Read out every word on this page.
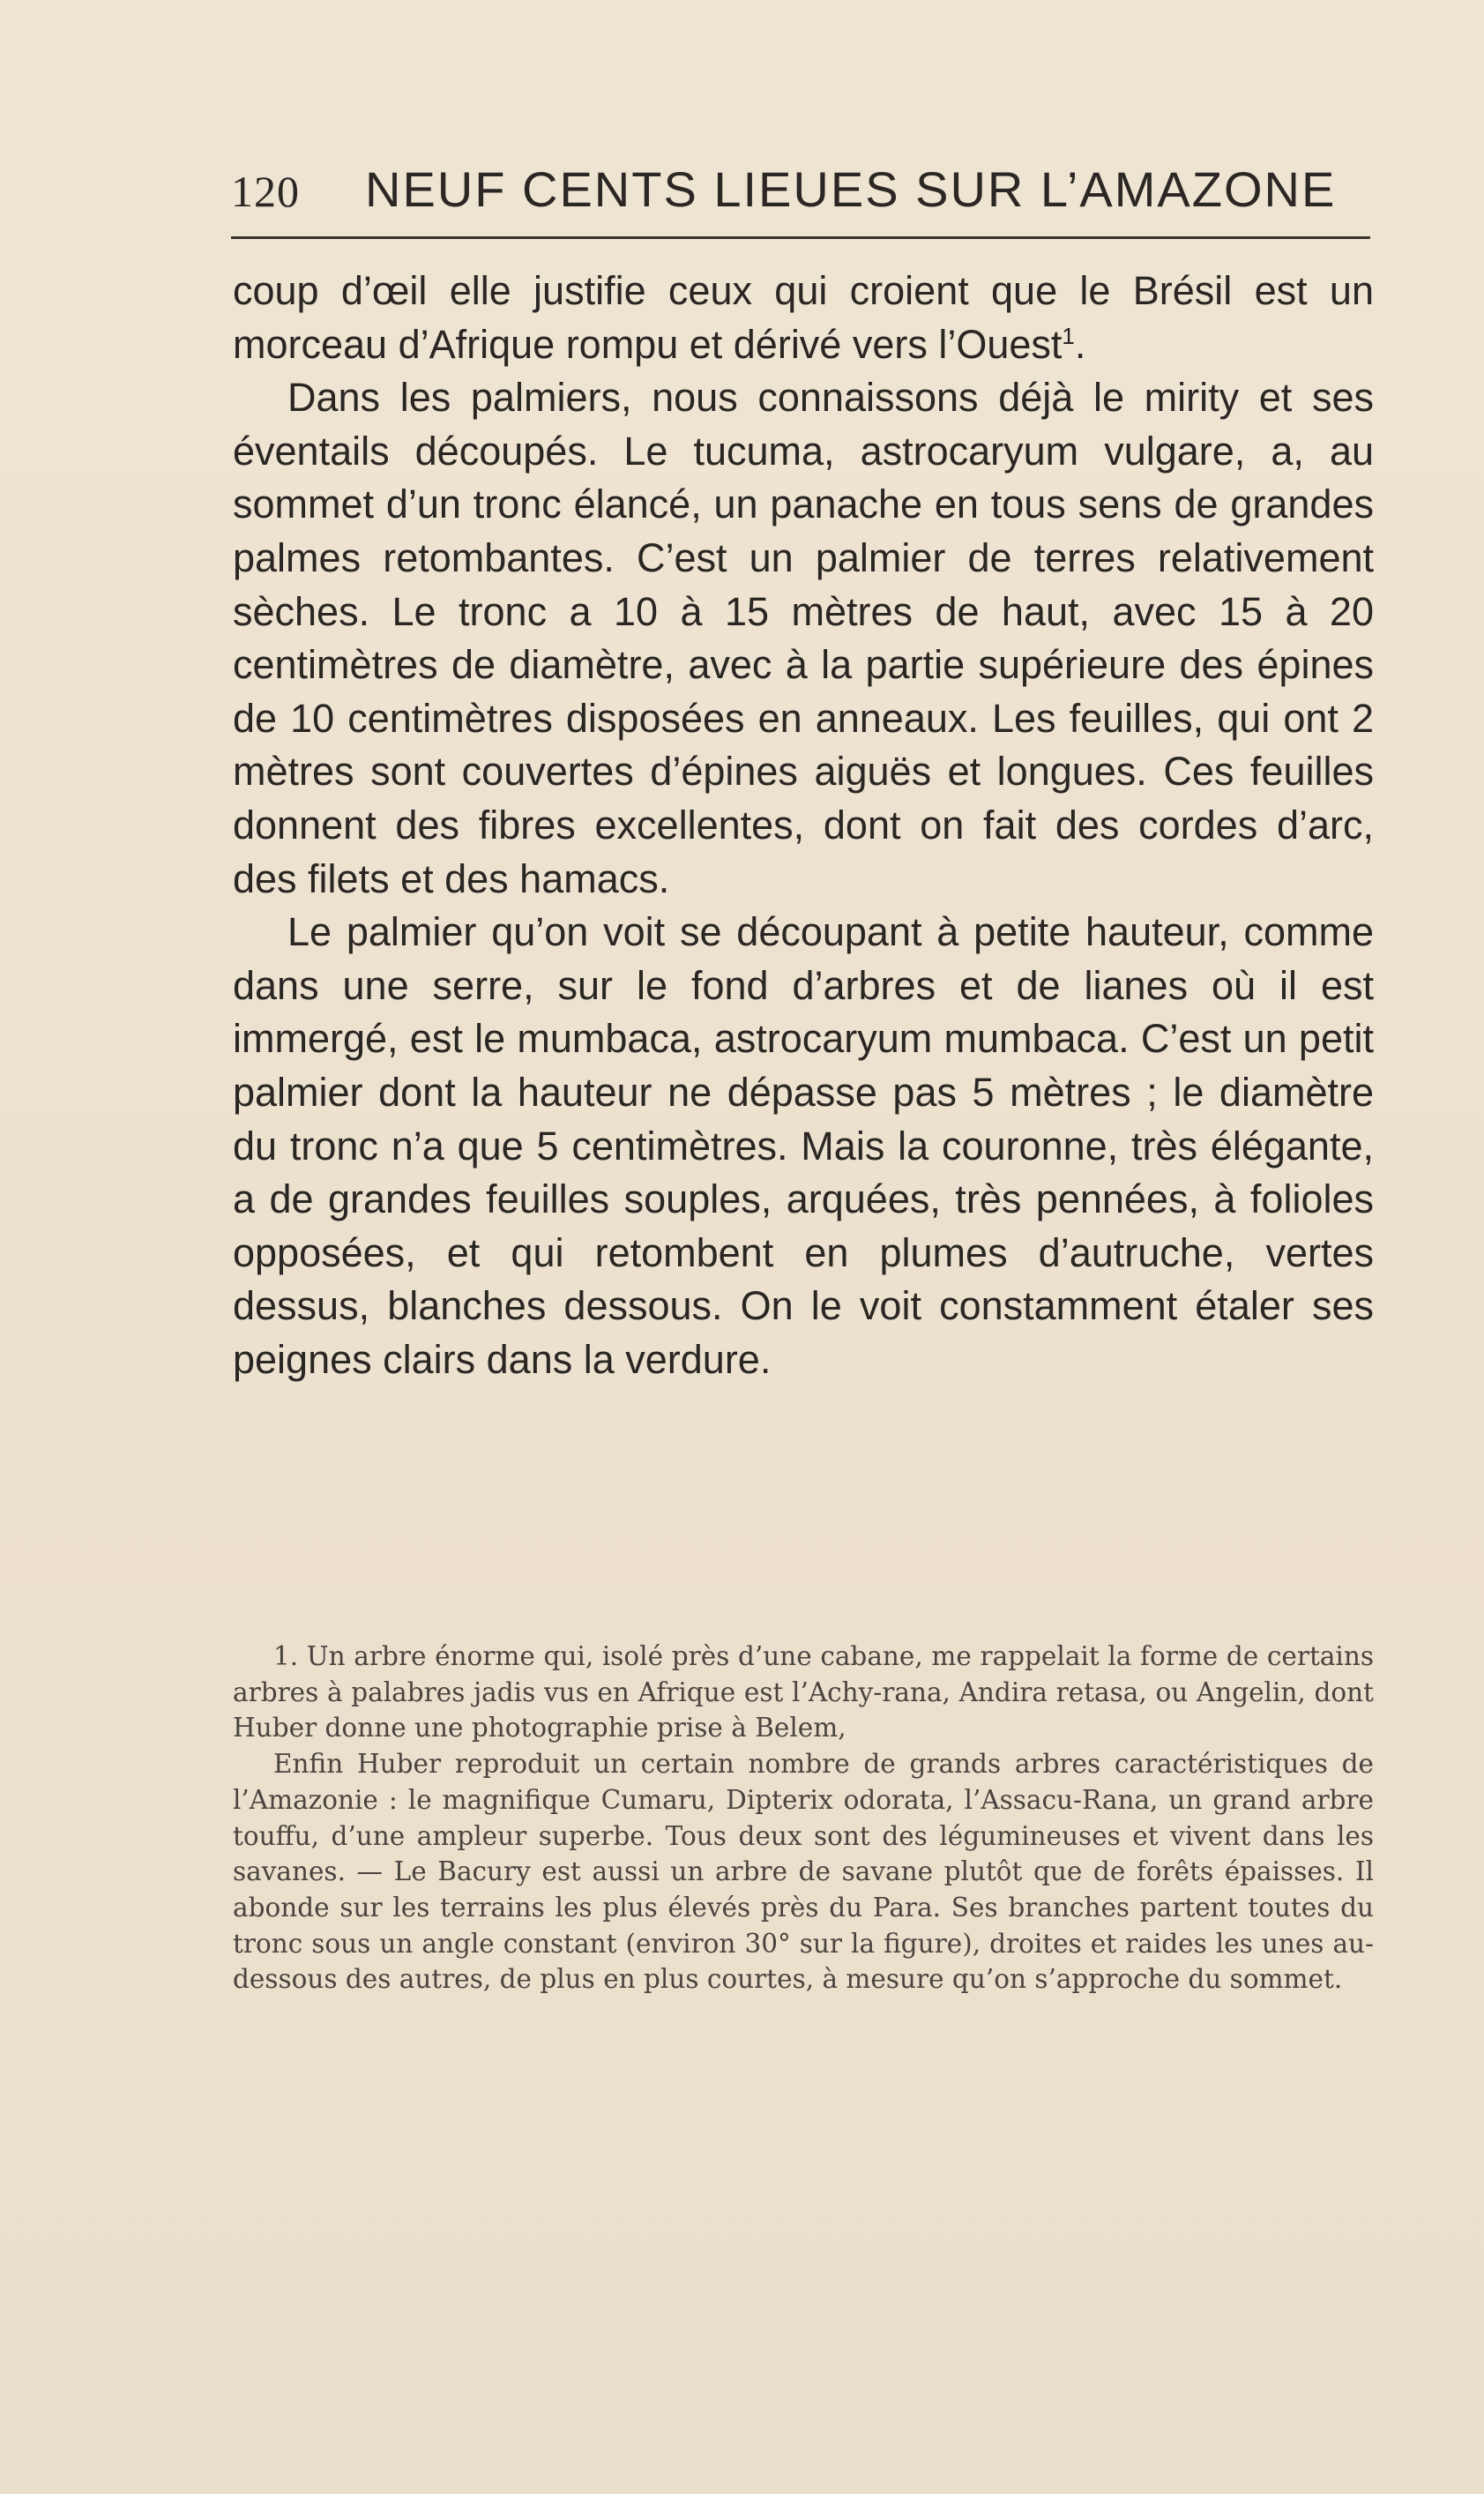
120 NEUF CENTS LIEUES SUR L’AMAZONE

coup d’œil elle justifie ceux qui croient que le Brésil est un morceau d’Afrique rompu et dérivé vers l’Ouest$^1$.

Dans les palmiers, nous connaissons déjà le mirity et ses éventails découpés. Le tucuma, astrocaryum vulgare, a, au sommet d’un tronc élancé, un panache en tous sens de grandes palmes retombantes. C’est un palmier de terres relativement sèches. Le tronc a 10 à 15 mètres de haut, avec 15 à 20 centimètres de diamètre, avec à la partie supérieure des épines de 10 centimètres disposées en anneaux. Les feuilles, qui ont 2 mètres sont couvertes d’épines aiguës et longues. Ces feuilles donnent des fibres excellentes, dont on fait des cordes d’arc, des filets et des hamacs.

Le palmier qu’on voit se découpant à petite hauteur, comme dans une serre, sur le fond d’arbres et de lianes où il est immergé, est le mumbaca, astrocaryum mumbaca. C’est un petit palmier dont la hauteur ne dépasse pas 5 mètres ; le diamètre du tronc n’a que 5 centimètres. Mais la couronne, très élégante, a de grandes feuilles souples, arquées, très pennées, à folioles opposées, et qui retombent en plumes d’autruche, vertes dessus, blanches dessous. On le voit constamment étaler ses peignes clairs dans la verdure.

1. Un arbre énorme qui, isolé près d’une cabane, me rappelait la forme de certains arbres à palabres jadis vus en Afrique est l’Achy-rana, Andira retasa, ou Angelin, dont Huber donne une photographie prise à Belem,

Enfin Huber reproduit un certain nombre de grands arbres caractéristiques de l’Amazonie : le magnifique Cumaru, Dipterix odorata, l’Assacu-Rana, un grand arbre touffu, d’une ampleur superbe. Tous deux sont des légumineuses et vivent dans les savanes. — Le Bacury est aussi un arbre de savane plutôt que de forêts épaisses. Il abonde sur les terrains les plus élevés près du Para. Ses branches partent toutes du tronc sous un angle constant (environ 30° sur la figure), droites et raides les unes au-dessous des autres, de plus en plus courtes, à mesure qu’on s’approche du sommet.
